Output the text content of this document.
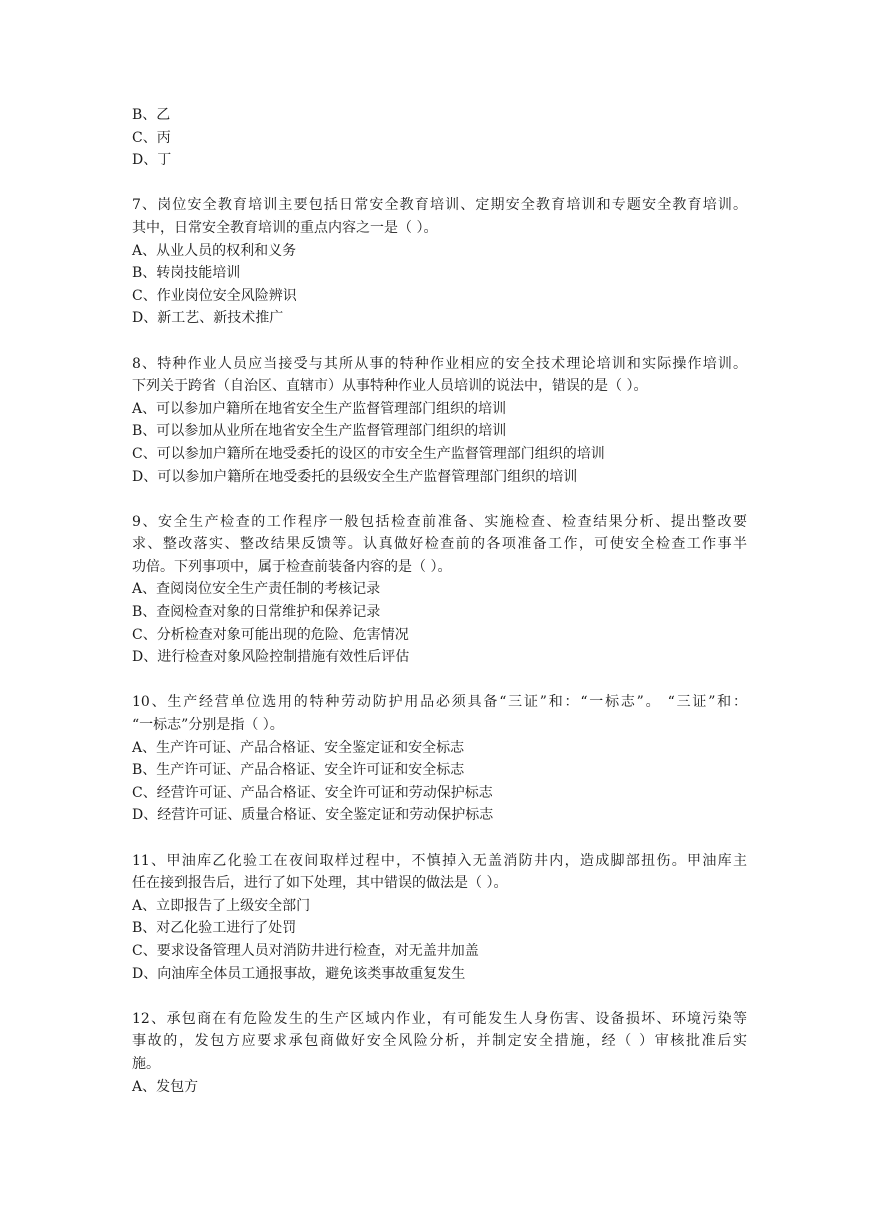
B、乙
C、丙
D、丁
7、岗位安全教育培训主要包括日常安全教育培训、定期安全教育培训和专题安全教育培训。
其中，日常安全教育培训的重点内容之一是（ ）。
A、从业人员的权利和义务
B、转岗技能培训
C、作业岗位安全风险辨识
D、新工艺、新技术推广
8、特种作业人员应当接受与其所从事的特种作业相应的安全技术理论培训和实际操作培训。
下列关于跨省（自治区、直辖市）从事特种作业人员培训的说法中，错误的是（ ）。
A、可以参加户籍所在地省安全生产监督管理部门组织的培训
B、可以参加从业所在地省安全生产监督管理部门组织的培训
C、可以参加户籍所在地受委托的设区的市安全生产监督管理部门组织的培训
D、可以参加户籍所在地受委托的县级安全生产监督管理部门组织的培训
9、安全生产检查的工作程序一般包括检查前准备、实施检查、检查结果分析、提出整改要
求、整改落实、整改结果反馈等。认真做好检查前的各项准备工作，可使安全检查工作事半
功倍。下列事项中，属于检查前装备内容的是（ ）。
A、查阅岗位安全生产责任制的考核记录
B、查阅检查对象的日常维护和保养记录
C、分析检查对象可能出现的危险、危害情况
D、进行检查对象风险控制措施有效性后评估
10、生产经营单位选用的特种劳动防护用品必须具备“三证”和：“一标志”。 “三证”和：
“一标志”分别是指（ ）。
A、生产许可证、产品合格证、安全鉴定证和安全标志
B、生产许可证、产品合格证、安全许可证和安全标志
C、经营许可证、产品合格证、安全许可证和劳动保护标志
D、经营许可证、质量合格证、安全鉴定证和劳动保护标志
11、甲油库乙化验工在夜间取样过程中，不慎掉入无盖消防井内，造成脚部扭伤。甲油库主
任在接到报告后，进行了如下处理，其中错误的做法是（ ）。
A、立即报告了上级安全部门
B、对乙化验工进行了处罚
C、要求设备管理人员对消防井进行检查，对无盖井加盖
D、向油库全体员工通报事故，避免该类事故重复发生
12、承包商在有危险发生的生产区域内作业，有可能发生人身伤害、设备损坏、环境污染等
事故的，发包方应要求承包商做好安全风险分析，并制定安全措施，经（ ）审核批准后实
施。
A、发包方
